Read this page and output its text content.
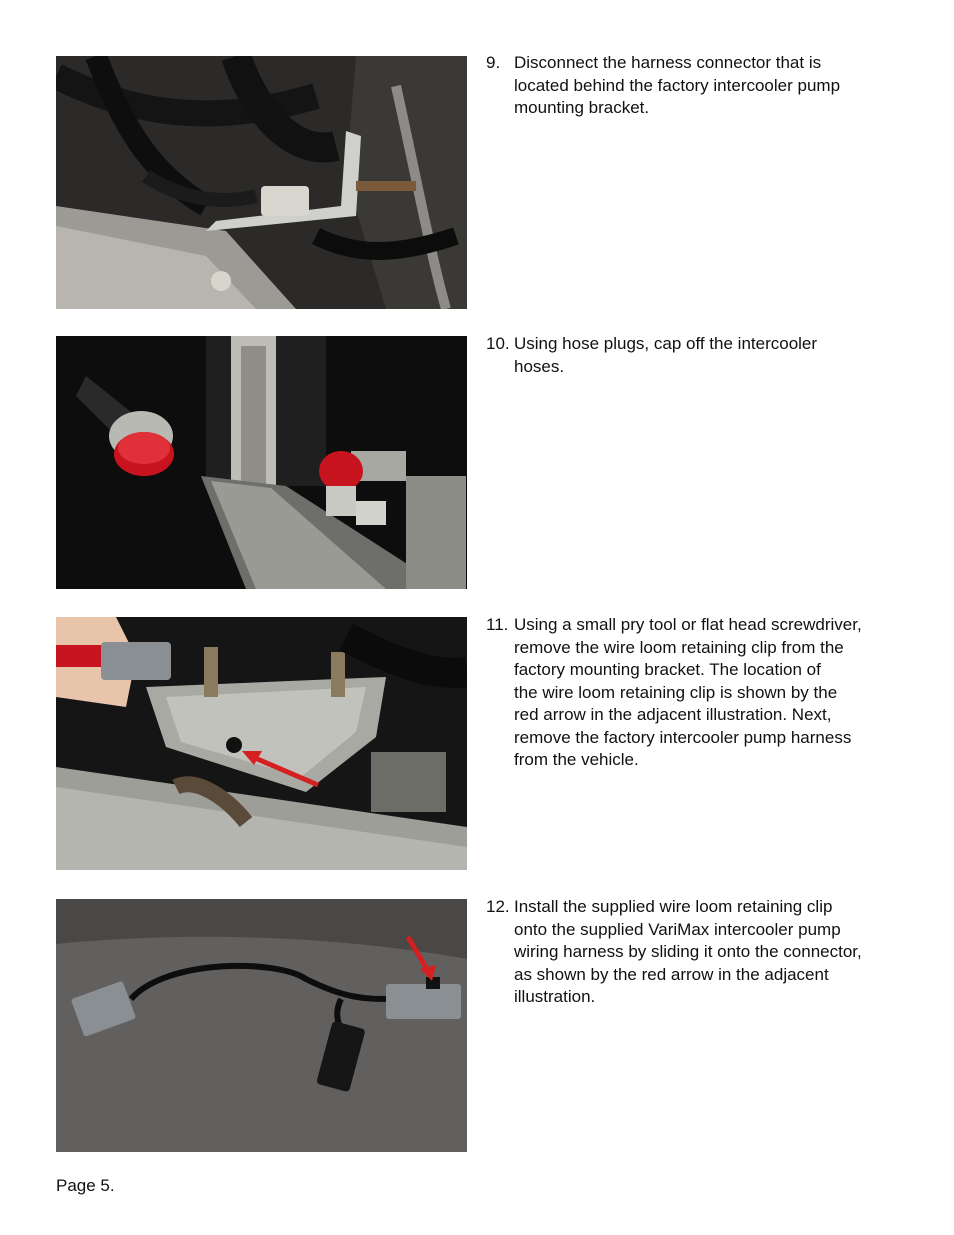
9. Disconnect the harness connector that is
located behind the factory intercooler pump
mounting bracket.
10. Using hose plugs, cap off the intercooler
hoses.
11. Using a small pry tool or flat head screwdriver,
remove the wire loom retaining clip from the
factory mounting bracket. The location of
the wire loom retaining clip is shown by the
red arrow in the adjacent illustration. Next,
remove the factory intercooler pump harness
from the vehicle.
12. Install the supplied wire loom retaining clip
onto the supplied VariMax intercooler pump
wiring harness by sliding it onto the connector,
as shown by the red arrow in the adjacent
illustration.
Page 5.
